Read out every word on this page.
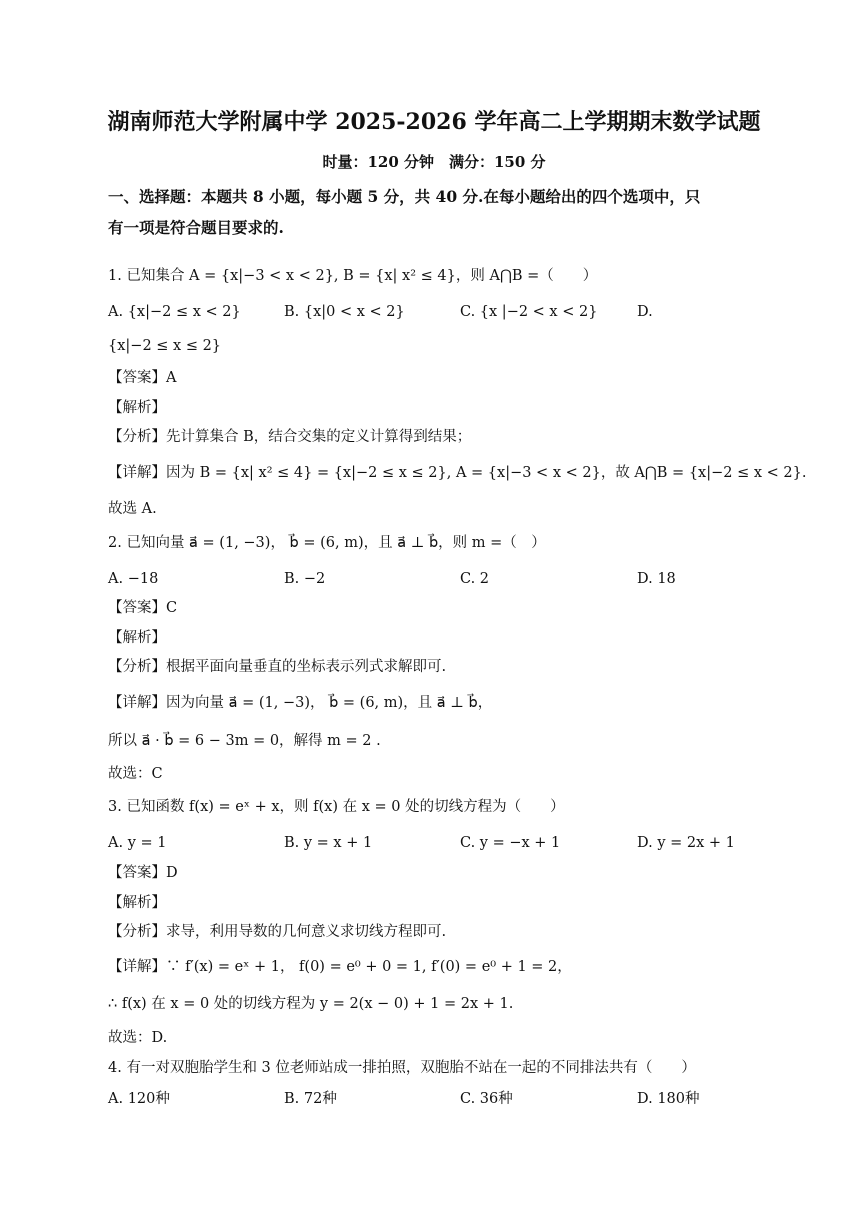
湖南师范大学附属中学 2025-2026 学年高二上学期期末数学试题
时量：120 分钟　满分：150 分
一、选择题：本题共 8 小题，每小题 5 分，共 40 分.在每小题给出的四个选项中，只
有一项是符合题目要求的.
1. 已知集合 A = {x|−3 < x < 2}, B = {x| x² ≤ 4}，则 A⋂B =（　　）
A. {x|−2 ≤ x < 2}	B. {x|0 < x < 2}	C. {x |−2 < x < 2}	D.
{x|−2 ≤ x ≤ 2}
【答案】A
【解析】
【分析】先计算集合 B，结合交集的定义计算得到结果；
【详解】因为 B = {x| x² ≤ 4} = {x|−2 ≤ x ≤ 2}, A = {x|−3 < x < 2}，故 A⋂B = {x|−2 ≤ x < 2}.
故选 A.
2. 已知向量 a⃗ = (1, −3)， b⃗ = (6, m)，且 a⃗ ⊥ b⃗，则 m =（　）
A. −18	B. −2	C. 2	D. 18
【答案】C
【解析】
【分析】根据平面向量垂直的坐标表示列式求解即可.
【详解】因为向量 a⃗ = (1, −3)， b⃗ = (6, m)，且 a⃗ ⊥ b⃗，
所以 a⃗ · b⃗ = 6 − 3m = 0，解得 m = 2 .
故选：C
3. 已知函数 f(x) = eˣ + x，则 f(x) 在 x = 0 处的切线方程为（　　）
A. y = 1	B. y = x + 1	C. y = −x + 1	D. y = 2x + 1
【答案】D
【解析】
【分析】求导，利用导数的几何意义求切线方程即可.
【详解】∵ f′(x) = eˣ + 1， f(0) = e⁰ + 0 = 1, f′(0) = e⁰ + 1 = 2，
∴ f(x) 在 x = 0 处的切线方程为 y = 2(x − 0) + 1 = 2x + 1.
故选：D.
4. 有一对双胞胎学生和 3 位老师站成一排拍照，双胞胎不站在一起的不同排法共有（　　）
A. 120种	B. 72种	C. 36种	D. 180种
